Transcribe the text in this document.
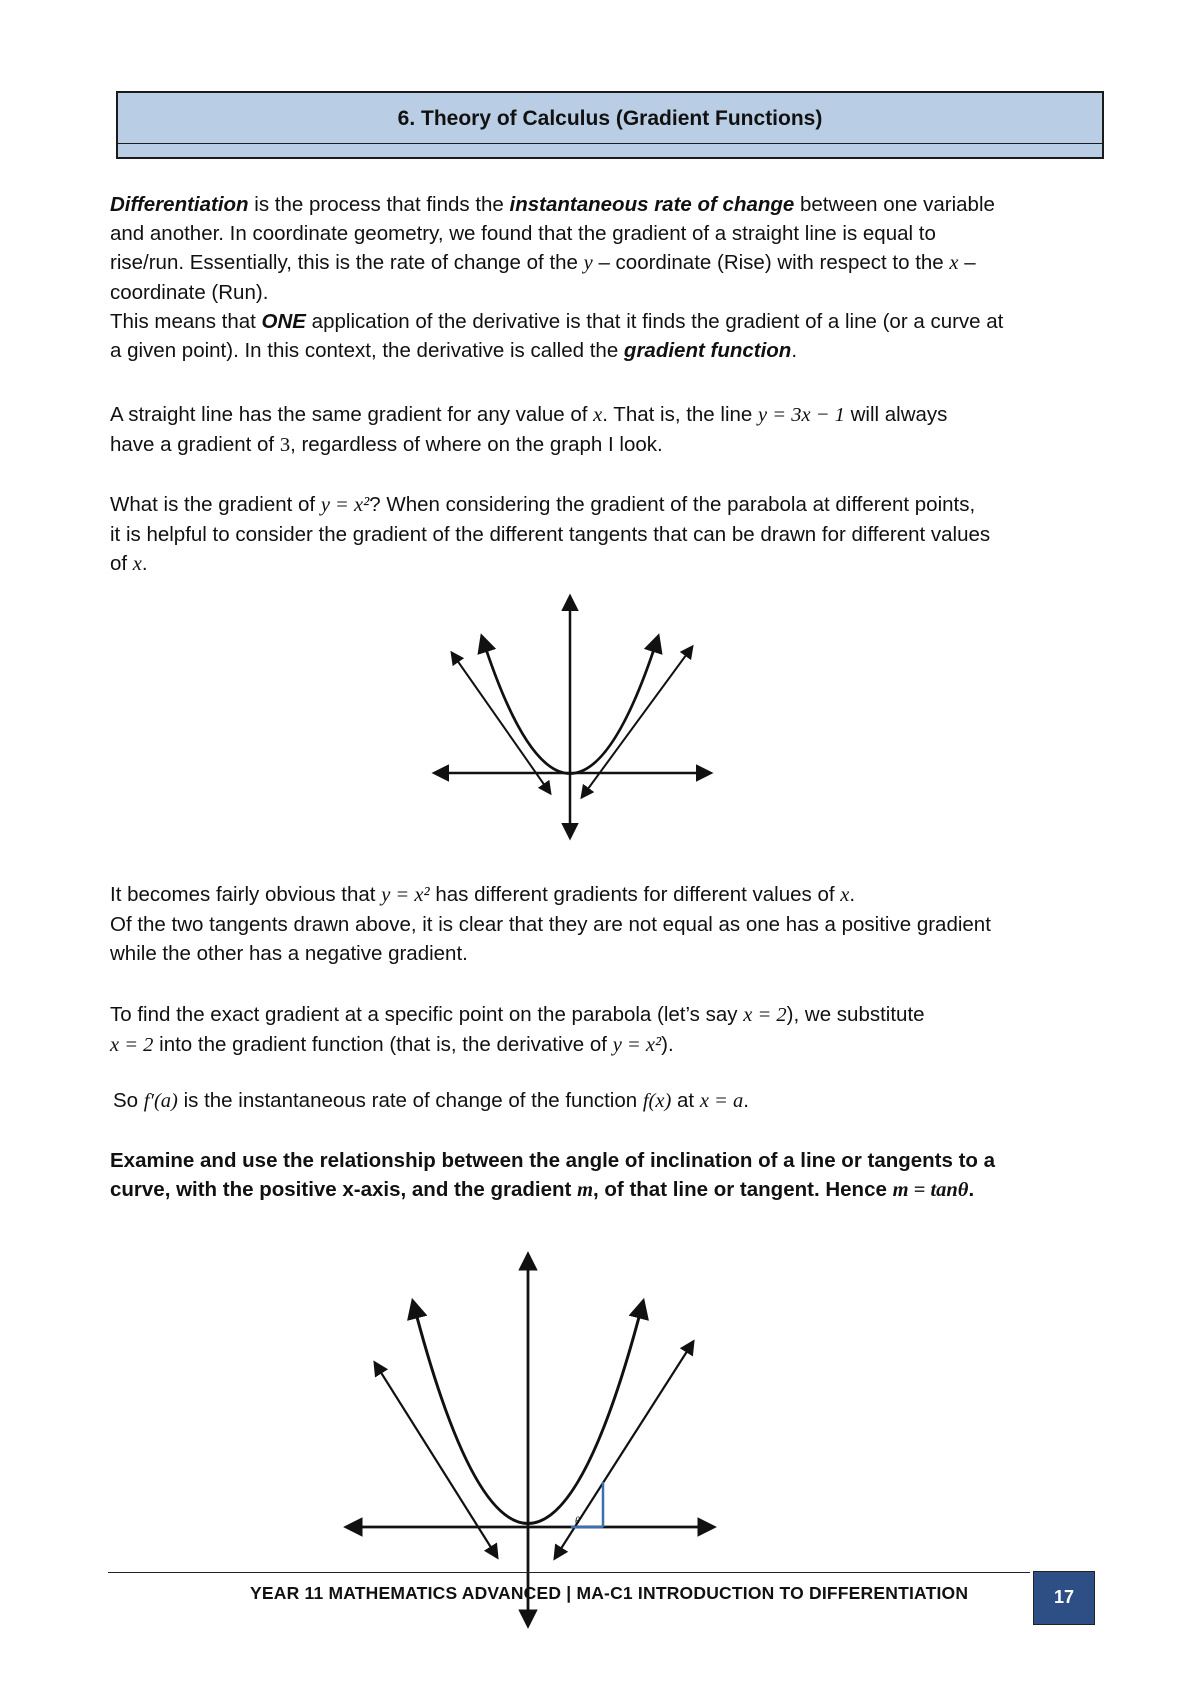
6. Theory of Calculus (Gradient Functions)
Differentiation is the process that finds the instantaneous rate of change between one variable
and another. In coordinate geometry, we found that the gradient of a straight line is equal to
rise/run. Essentially, this is the rate of change of the y – coordinate (Rise) with respect to the x –
coordinate (Run).
This means that ONE application of the derivative is that it finds the gradient of a line (or a curve at
a given point). In this context, the derivative is called the gradient function.
A straight line has the same gradient for any value of x. That is, the line y = 3x − 1 will always
have a gradient of 3, regardless of where on the graph I look.
What is the gradient of y = x²? When considering the gradient of the parabola at different points,
it is helpful to consider the gradient of the different tangents that can be drawn for different values
of x.
It becomes fairly obvious that y = x² has different gradients for different values of x.
Of the two tangents drawn above, it is clear that they are not equal as one has a positive gradient
while the other has a negative gradient.
To find the exact gradient at a specific point on the parabola (let’s say x = 2), we substitute
x = 2 into the gradient function (that is, the derivative of y = x²).
So f′(a) is the instantaneous rate of change of the function f(x) at x = a.
Examine and use the relationship between the angle of inclination of a line or tangents to a
curve, with the positive x-axis, and the gradient m, of that line or tangent. Hence m = tanθ.
θ
YEAR 11 MATHEMATICS ADVANCED | MA-C1 INTRODUCTION TO DIFFERENTIATION	17
